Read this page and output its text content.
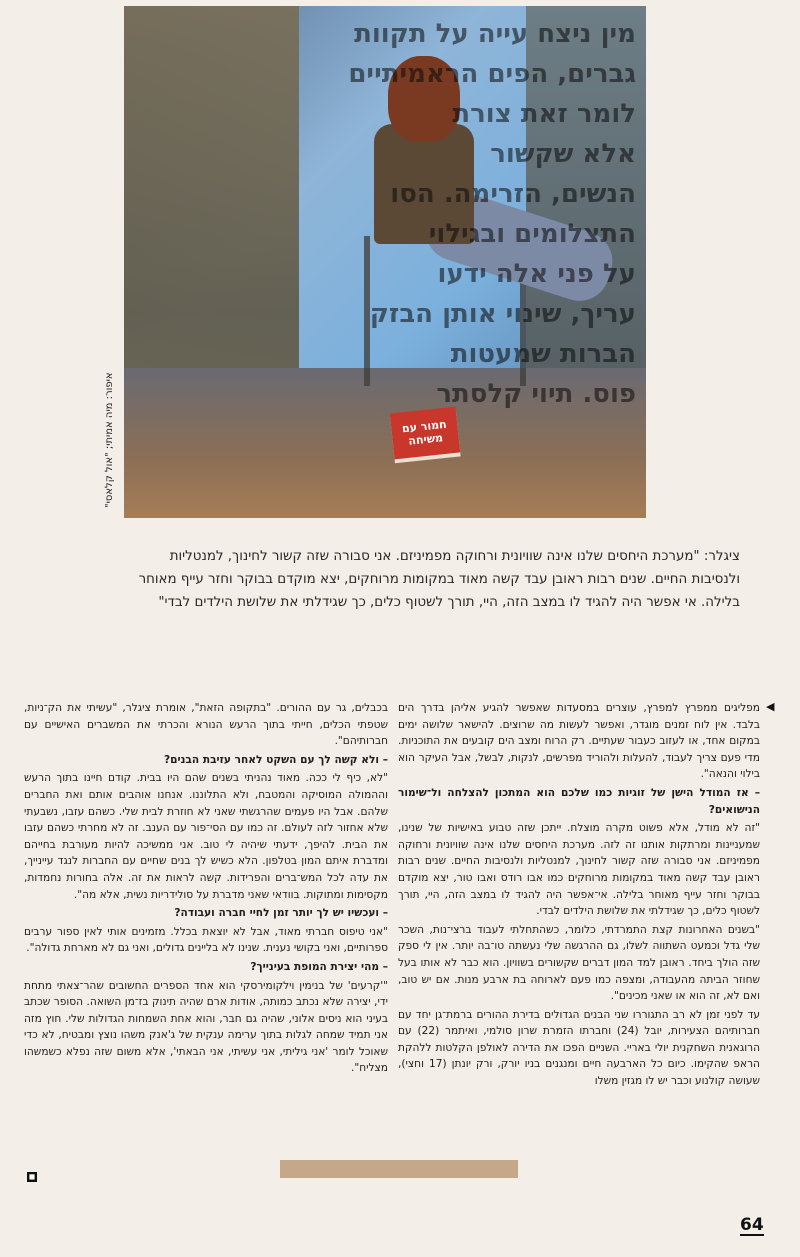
חמור עם משיחה
מין ניצח עייה על תקוות
גברים, הפים הראמיתיים
לומר זאת צורת
אלא שקשור
הנשים, הזרימה. הסו
התצלומים ובגילוי
על פני אלה ידעו
עריך, שינוי אותן הבזק
הברות שמעטות
פוס. תיוי קלסתר
איפור: מיה אמיתי; "אול קלאסי"
ציגלר: "מערכת היחסים שלנו אינה שוויונית ורחוקה מפמיניזם. אני סבורה שזה קשור לחינוך, למנטליות ולנסיבות החיים. שנים רבות ראובן עבד קשה מאוד במקומות מרוחקים, יצא מוקדם בבוקר וחזר עייף מאוחר בלילה. אי אפשר היה להגיד לו במצב הזה, היי, תורך לשטוף כלים, כך שגידלתי את שלושת הילדים לבדי"
◀

מפליגים ממפרץ למפרץ, עוצרים במסעדות שאפשר להגיע אליהן בדרך הים בלבד. אין לוח זמנים מוגדר, ואפשר לעשות מה שרוצים. להישאר שלושה ימים במקום אחד, או לעזוב כעבור שעתיים. רק הרוח ומצב הים קובעים את התוכניות. מדי פעם צריך לעבוד, להעלות ולהוריד מפרשים, לנקות, לבשל, אבל העיקר הוא בילוי והנאה".

– אז המודל הישן של זוגיות כמו שלכם הוא המתכון להצלחה ול־שימור הנישואים?

"זה לא מודל, אלא פשוט מקרה מוצלח. ייתכן שזה טבוע באישיות של שנינו, שמעניינות ומרתקות אותנו זה לזה. מערכת היחסים שלנו אינה שוויונית ורחוקה מפמיניזם. אני סבורה שזה קשור לחינוך, למנטליות ולנסיבות החיים. שנים רבות ראובן עבד קשה מאוד במקומות מרוחקים כמו אבו רודס ואבו טור, יצא מוקדם בבוקר וחזר עייף מאוחר בלילה. אי־אפשר היה להגיד לו במצב הזה, היי, תורך לשטוף כלים, כך שגידלתי את שלושת הילדים לבדי.

"בשנים האחרונות קצת התמרדתי, כלומר, כשהתחלתי לעבוד ברצי־נות, השכר שלי גדל וכמעט השתווה לשלו, גם ההרגשה שלי נעשתה טו־בה יותר. אין לי ספק שזה הולך ביחד. ראובן למד המון דברים שקשורים בשוויון. הוא כבר לא אותו בעל שחוזר הביתה מהעבודה, ומצפה כמו פעם לארוחה בת ארבע מנות. אם יש טוב, ואם לא, זה הוא או שאני מכינים".

עד לפני זמן לא רב התגוררו שני הבנים הגדולים בדירת ההורים ברמת־גן יחד עם חברותיהם הצעירות, יובל (24) וחברתו הזמרת שרון סולמי, ואיתמר (22) עם הרוגאנית השחקנית יולי באריי. השניים הפכו את הדירה לאולפן הקלטות ללהקת הראפ שהקימו. כיום כל הארבעה חיים ומנגנים בניו יורק, ורק יונתן (17 וחצי), שעושה קולנוע וכבר יש לו מגזין משלו

בכבלים, גר עם ההורים. "בתקופה הזאת", אומרת ציגלר, "עשיתי את הק־ניות, שטפתי הכלים, חייתי בתוך הרעש הנורא והכרתי את המשברים האישיים עם חברותיהם".

– ולא קשה לך עם השקט לאחר עזיבת הבנים?

"לא, כיף לי ככה. מאוד נהניתי בשנים שהם היו בבית. קודם חיינו בתוך הרעש וההמולה המוסיקה והמטבח, ולא התלוננו. אנחנו אוהבים אותם ואת החברים שלהם. אבל היו פעמים שהרגשתי שאני לא חוזרת לבית שלי. כשהם עזבו, נשבעתי שלא אחזור לזה לעולם. זה כמו עם הסי־פור עם הענב. זה לא מחרתי כשהם עזבו את הבית. להיפך, ידעתי שיהיה לי טוב. אני ממשיכה להיות מעורבת בחייהם ומדברת איתם המון בטלפון. הלא כשיש לך בנים שחיים עם החברות לנגד עיינייך, את עדה לכל המש־ברים והפרידות. קשה לראות את זה. אלה בחורות נחמדות, מקסימות ומתוקות. בוודאי שאני מדברת על סולידריות נשית, אלא מה".

– ועכשיו יש לך יותר זמן לחיי חברה ועבודה?

"אני טיפוס חברתי מאוד, אבל לא יוצאת בכלל. מזמינים אותי לאין ספור ערבים ספרותיים, ואני בקושי נענית. שנינו לא בליינים גדולים, ואני גם לא מארחת גדולה".

– מהי יצירת המופת בעינייך?

"'קרעים' של בנימין וילקומירסקי הוא אחד הספרים החשובים שהר־צאתי מתחת ידי, יצירה שלא נכתב כמותה, אודות ארם שהיה תינוק בז־מן השואה. הסופר שכתב בעיני הוא ניסים אלוני, שהיה גם חבר, והוא אחת השמחות הגדולות שלי. חוץ מזה אני תמיד שמחה לגלות בתוך ערימה ענקית של ג'אנק משהו נוצץ ומבטיח, לא כדי שאוכל לומר 'אני גיליתי, אני עשיתי, אני הבאתי', אלא משום שזה נפלא כשמשהו מצליח".

◼
64
